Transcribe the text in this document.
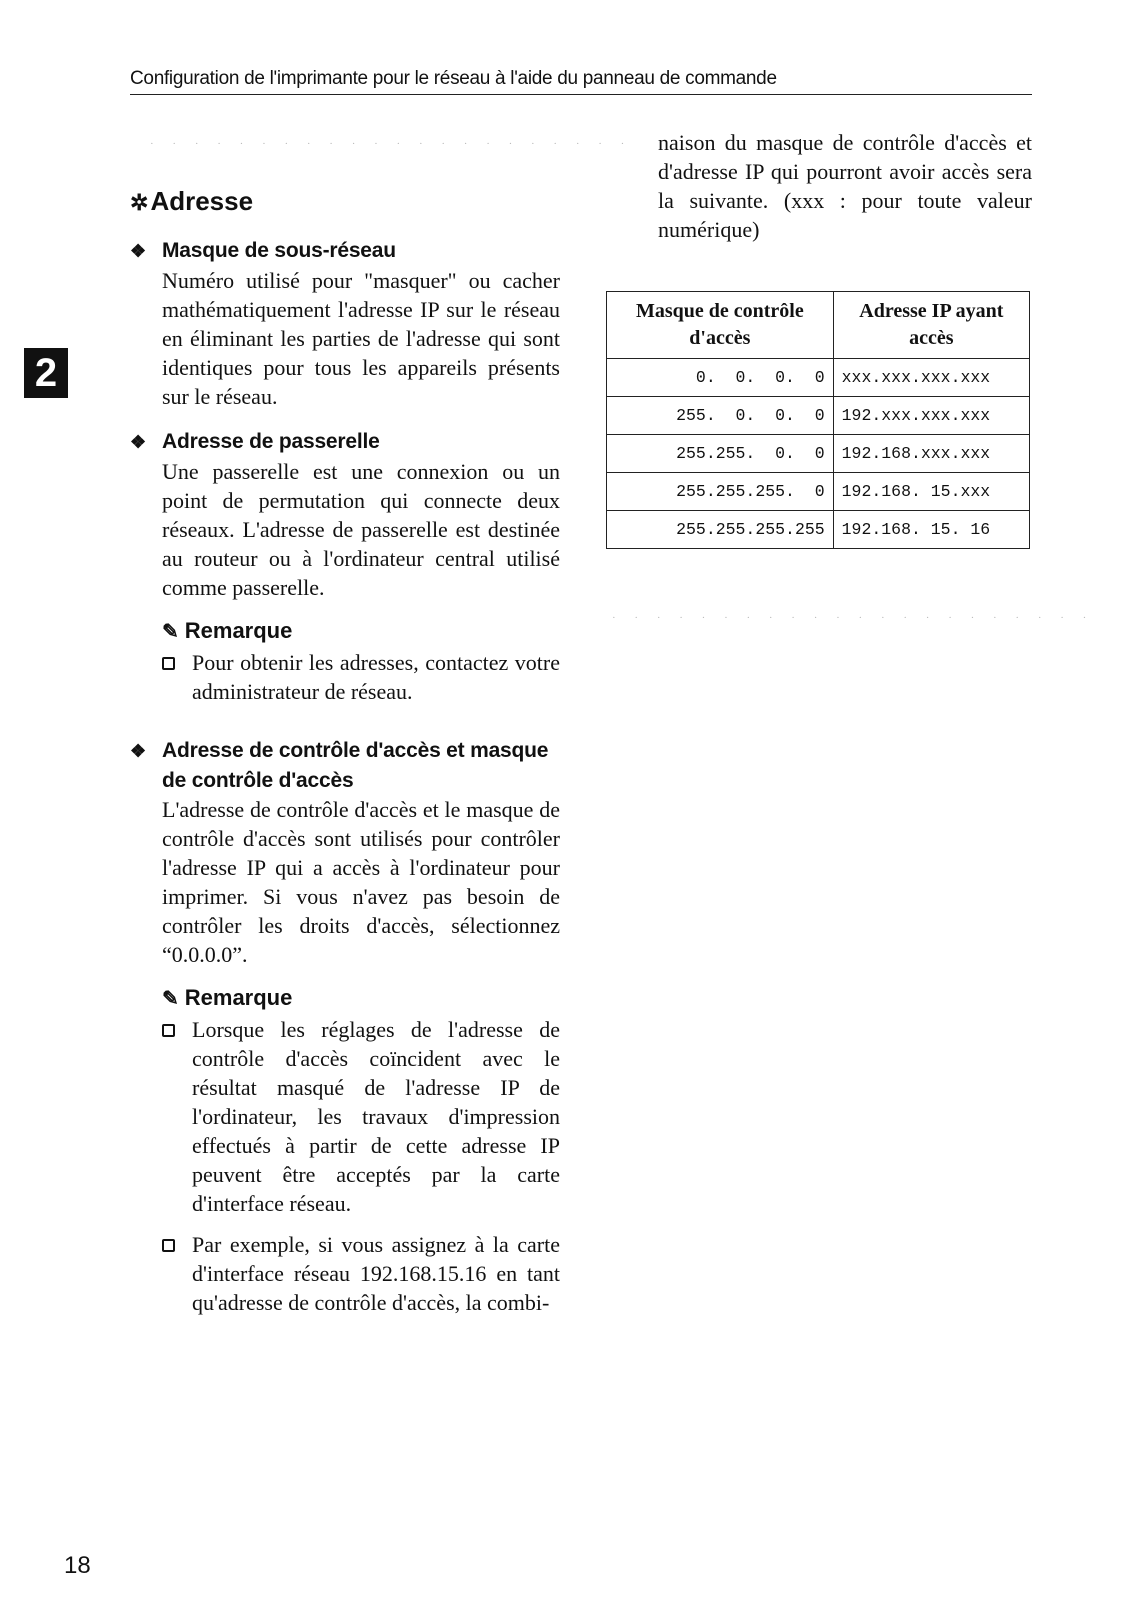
Configuration de l'imprimante pour le réseau à l'aide du panneau de commande
2
· · · · · · · · · · · · · · · · · · · · · ·
✲Adresse
❖ Masque de sous-réseau

Numéro utilisé pour "masquer" ou cacher mathématiquement l'adresse IP sur le réseau en éliminant les parties de l'adresse qui sont identiques pour tous les appareils présents sur le réseau.

❖ Adresse de passerelle

Une passerelle est une connexion ou un point de permutation qui connecte deux réseaux. L'adresse de passerelle est destinée au routeur ou à l'ordinateur central utilisé comme passerelle.

✎ Remarque
Pour obtenir les adresses, contactez votre administrateur de réseau.
❖ Adresse de contrôle d'accès et masque de contrôle d'accès

L'adresse de contrôle d'accès et le masque de contrôle d'accès sont utilisés pour contrôler l'adresse IP qui a accès à l'ordinateur pour imprimer. Si vous n'avez pas besoin de contrôler les droits d'accès, sélectionnez “0.0.0.0”.

✎ Remarque
Lorsque les réglages de l'adresse de contrôle d'accès coïncident avec le résultat masqué de l'adresse IP de l'ordinateur, les travaux d'impression effectués à partir de cette adresse IP peuvent être acceptés par la carte d'interface réseau.
Par exemple, si vous assignez à la carte d'interface réseau 192.168.15.16 en tant qu'adresse de contrôle d'accès, la combi-

naison du masque de contrôle d'accès et d'adresse IP qui pourront avoir accès sera la suivante. (xxx : pour toute valeur numérique)

Masque de contrôle d'accès	Adresse IP ayant accès
0.  0.  0.  0	xxx.xxx.xxx.xxx
255.  0.  0.  0	192.xxx.xxx.xxx
255.255.  0.  0	192.168.xxx.xxx
255.255.255.  0	192.168. 15.xxx
255.255.255.255	192.168. 15. 16
· · · · · · · · · · · · · · · · · · · · · ·
18
